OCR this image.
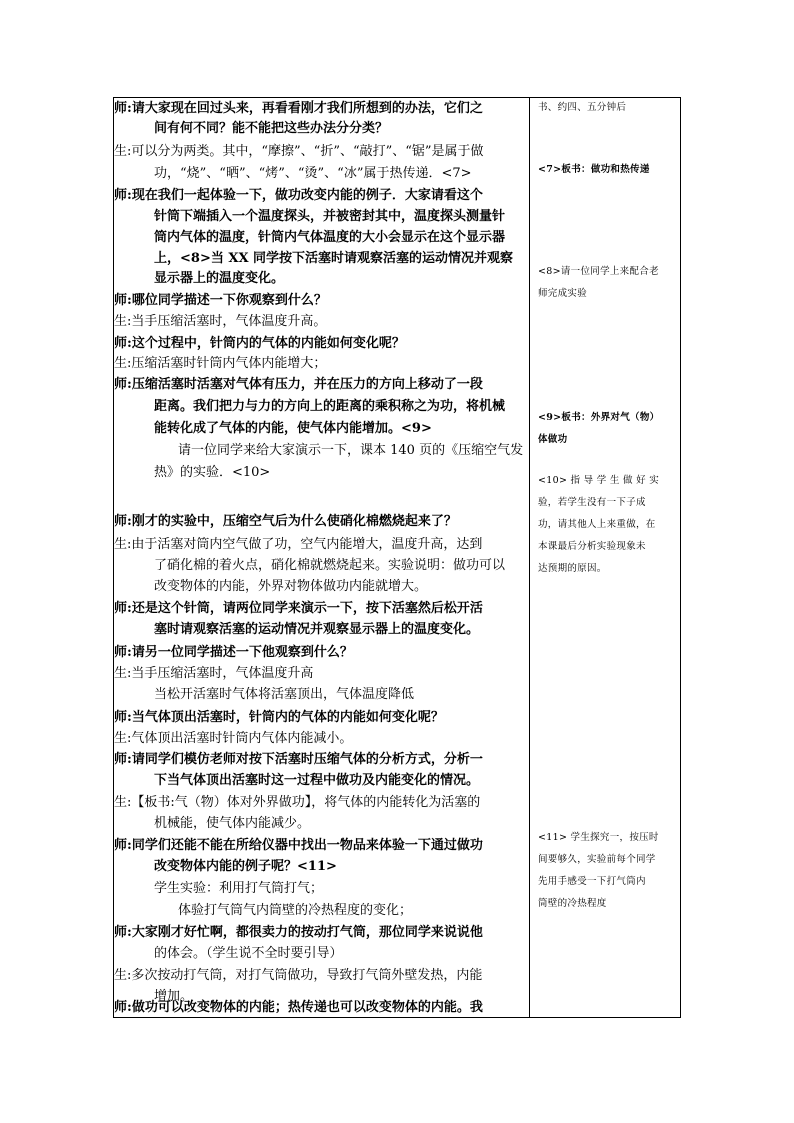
师:请大家现在回过头来，再看看刚才我们所想到的办法，它们之
间有何不同？能不能把这些办法分分类？
生:可以分为两类。其中，“摩擦”、“折”、“敲打”、“锯”是属于做
功，“烧”、“晒”、“烤”、“烫”、“冰”属于热传递．<7>
师:现在我们一起体验一下，做功改变内能的例子．大家请看这个
针筒下端插入一个温度探头，并被密封其中，温度探头测量针
筒内气体的温度，针筒内气体温度的大小会显示在这个显示器
上，<8>当 XX 同学按下活塞时请观察活塞的运动情况并观察
显示器上的温度变化。
师:哪位同学描述一下你观察到什么？
生:当手压缩活塞时，气体温度升高。
师:这个过程中，针筒内的气体的内能如何变化呢？
生:压缩活塞时针筒内气体内能增大；
师:压缩活塞时活塞对气体有压力，并在压力的方向上移动了一段
距离。我们把力与力的方向上的距离的乘积称之为功，将机械
能转化成了气体的内能，使气体内能增加。<9>
请一位同学来给大家演示一下，课本 140 页的《压缩空气发
热》的实验．<10>
师:刚才的实验中，压缩空气后为什么使硝化棉燃烧起来了？
生:由于活塞对筒内空气做了功，空气内能增大，温度升高，达到
了硝化棉的着火点，硝化棉就燃烧起来。实验说明：做功可以
改变物体的内能，外界对物体做功内能就增大。
师:还是这个针筒，请两位同学来演示一下，按下活塞然后松开活
塞时请观察活塞的运动情况并观察显示器上的温度变化。
师:请另一位同学描述一下他观察到什么？
生:当手压缩活塞时，气体温度升高
当松开活塞时气体将活塞顶出，气体温度降低
师:当气体顶出活塞时，针筒内的气体的内能如何变化呢？
生:气体顶出活塞时针筒内气体内能减小。
师:请同学们模仿老师对按下活塞时压缩气体的分析方式，分析一
下当气体顶出活塞时这一过程中做功及内能变化的情况。
生:【板书:气（物）体对外界做功】，将气体的内能转化为活塞的
机械能，使气体内能减少。
师:同学们还能不能在所给仪器中找出一物品来体验一下通过做功
改变物体内能的例子呢？<11>
学生实验：利用打气筒打气；
体验打气筒气内筒壁的冷热程度的变化；
师:大家刚才好忙啊，都很卖力的按动打气筒，那位同学来说说他
的体会。（学生说不全时要引导）
生:多次按动打气筒，对打气筒做功，导致打气筒外壁发热，内能
增加。
师:做功可以改变物体的内能；热传递也可以改变物体的内能。我
书、约四、五分钟后
<7>板书：做功和热传递
<8>请一位同学上来配合老
师完成实验
<9>板书：外界对气（物）
体做功
<10> 指 导 学 生 做 好 实
验，若学生没有一下子成
功，请其他人上来重做，在
本课最后分析实验现象未
达预期的原因。
<11> 学生探究一，按压时
间要够久，实验前每个同学
先用手感受一下打气筒内
筒壁的冷热程度
